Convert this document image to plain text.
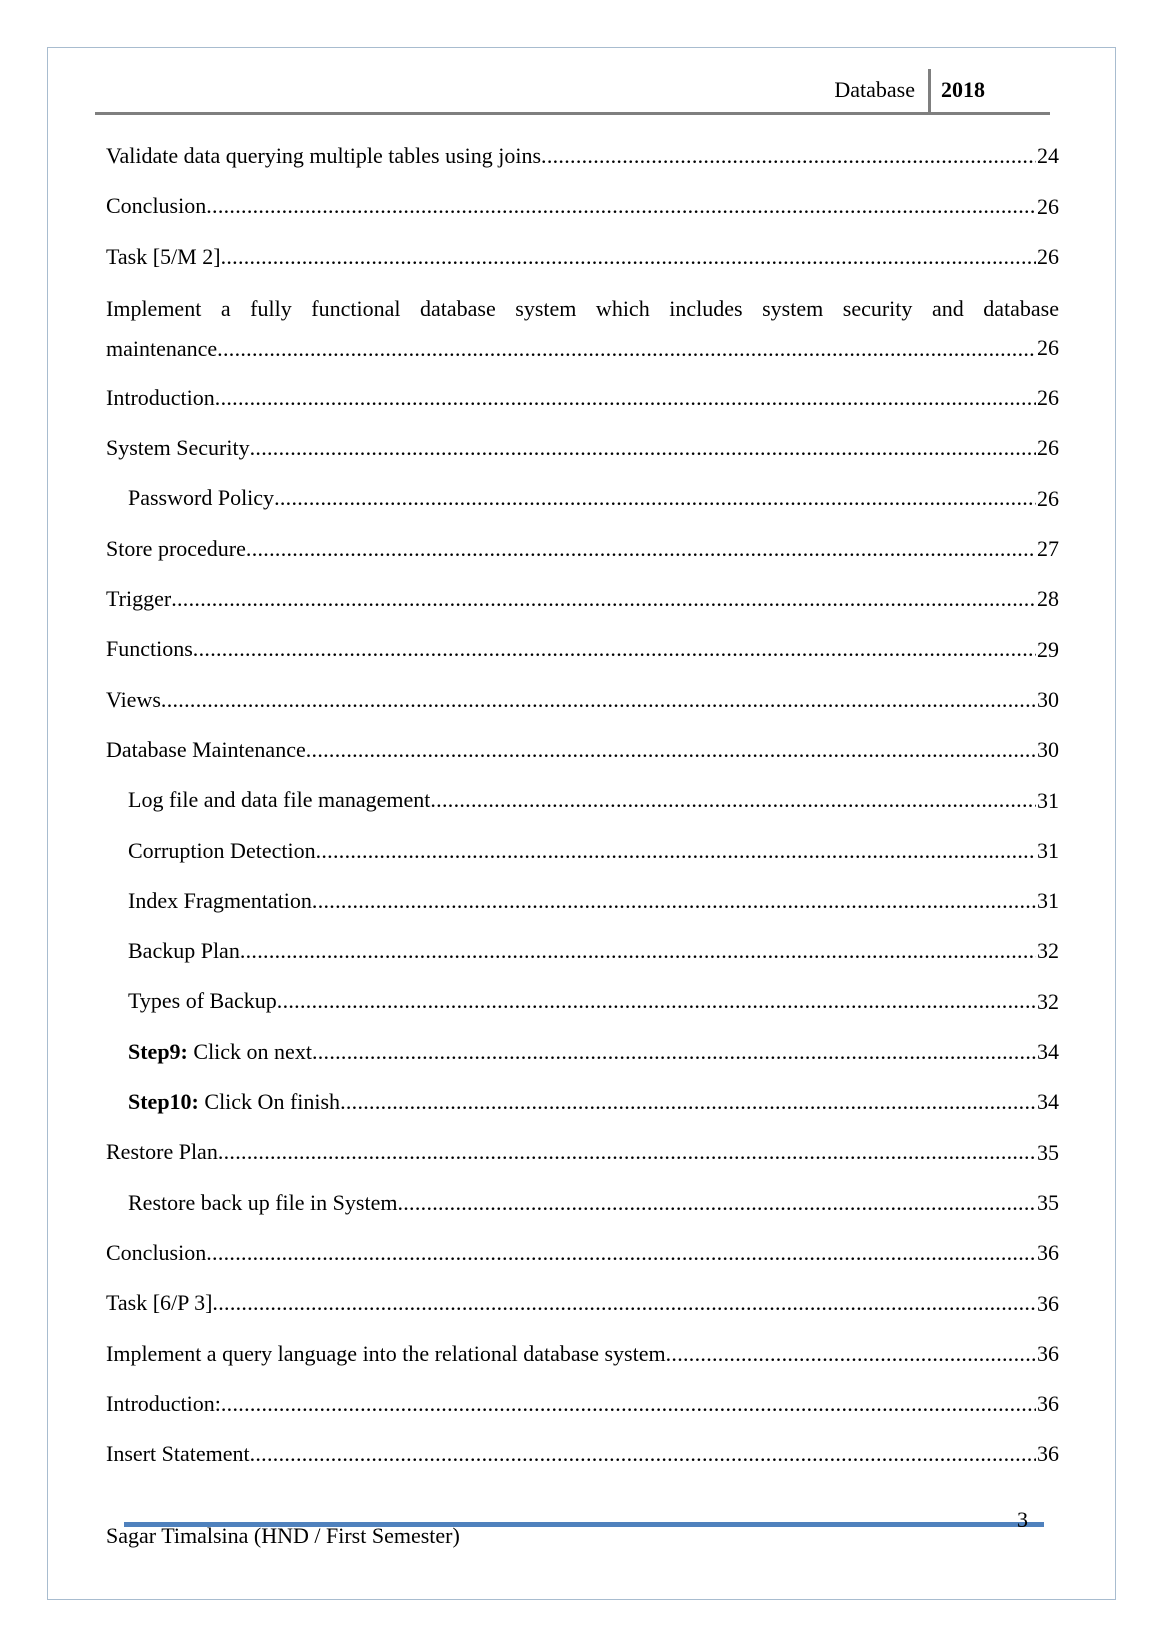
Database 2018
Validate data querying multiple tables using joins .....	24
Conclusion .....	26
Task [5/M 2] .....	26
Implement a fully functional database system which includes system security and database
maintenance .....	26
Introduction .....	26
System Security .....	26
Password Policy .....	26
Store procedure .....	27
Trigger .....	28
Functions .....	29
Views .....	30
Database Maintenance .....	30
Log file and data file management .....	31
Corruption Detection .....	31
Index Fragmentation .....	31
Backup Plan .....	32
Types of Backup .....	32
Step9: Click on next .....	34
Step10: Click On finish .....	34
Restore Plan .....	35
Restore back up file in System .....	35
Conclusion .....	36
Task [6/P 3] .....	36
Implement a query language into the relational database system .....	36
Introduction: .....	36
Insert Statement .....	36
Sagar Timalsina (HND / First Semester)
3
